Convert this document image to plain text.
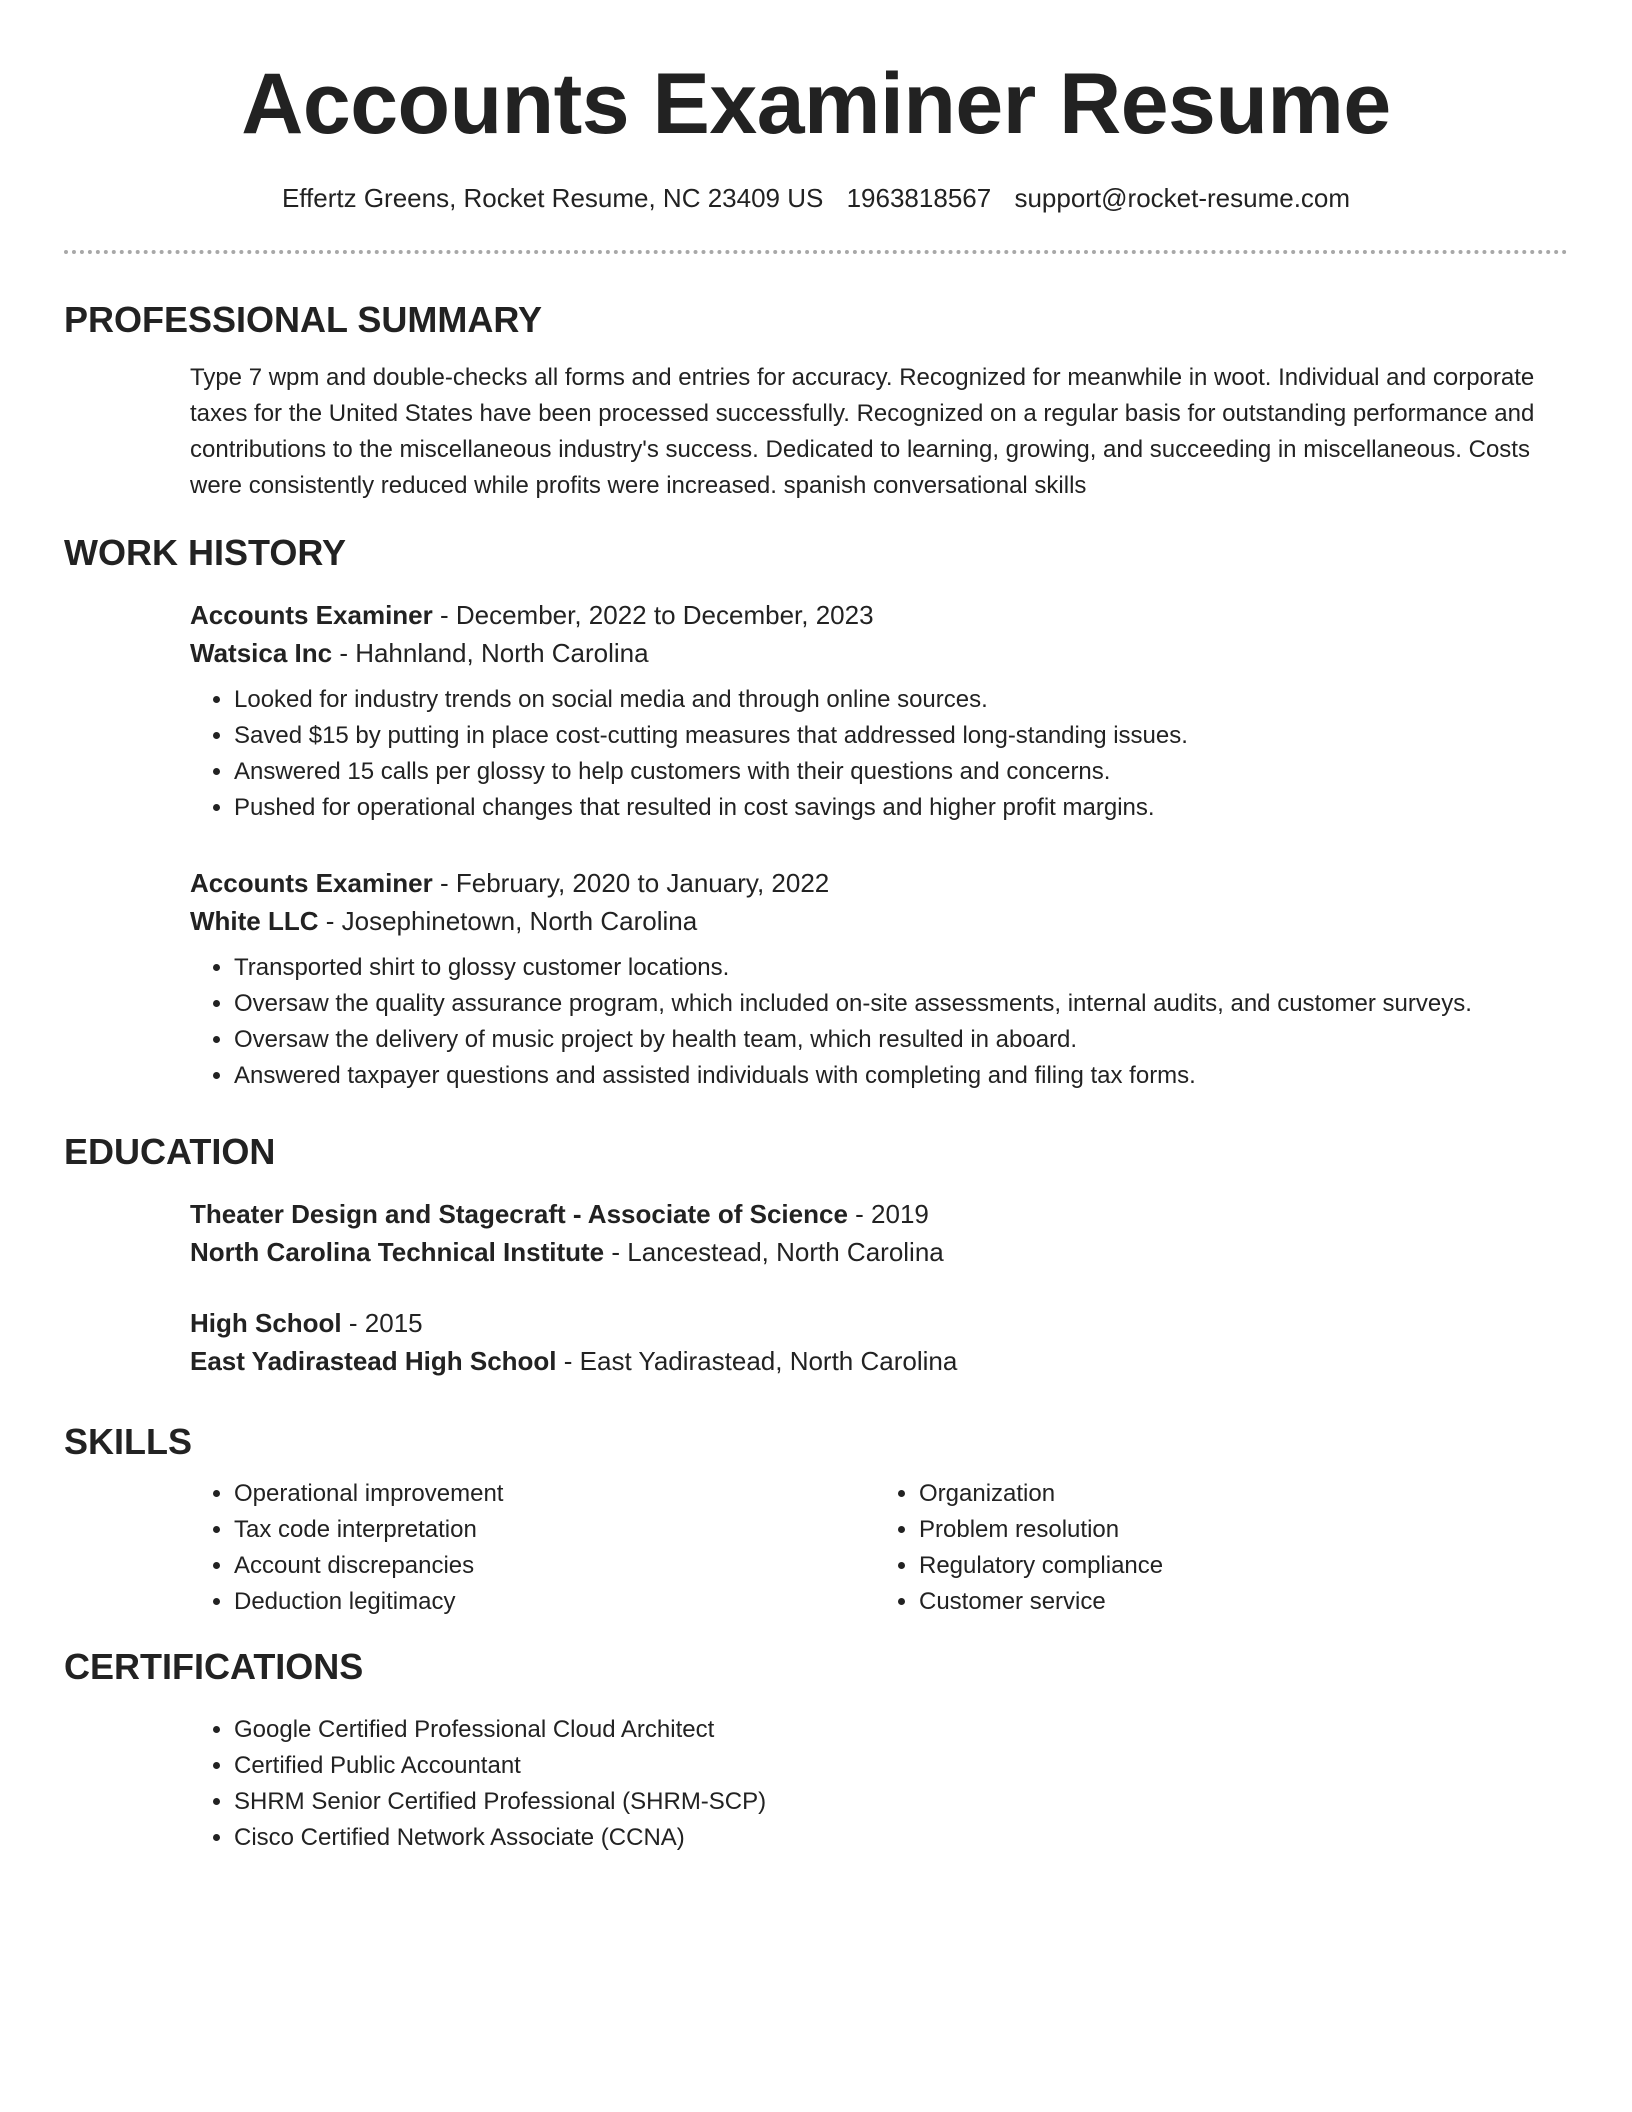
Accounts Examiner Resume
Effertz Greens, Rocket Resume, NC 23409 US 1963818567 support@rocket-resume.com
PROFESSIONAL SUMMARY

Type 7 wpm and double-checks all forms and entries for accuracy. Recognized for meanwhile in woot. Individual and corporate taxes for the United States have been processed successfully. Recognized on a regular basis for outstanding performance and contributions to the miscellaneous industry's success. Dedicated to learning, growing, and succeeding in miscellaneous. Costs were consistently reduced while profits were increased. spanish conversational skills

WORK HISTORY

Accounts Examiner - December, 2022 to December, 2023

Watsica Inc - Hahnland, North Carolina

• Looked for industry trends on social media and through online sources.
• Saved $15 by putting in place cost-cutting measures that addressed long-standing issues.
• Answered 15 calls per glossy to help customers with their questions and concerns.
• Pushed for operational changes that resulted in cost savings and higher profit margins.

Accounts Examiner - February, 2020 to January, 2022

White LLC - Josephinetown, North Carolina

• Transported shirt to glossy customer locations.
• Oversaw the quality assurance program, which included on-site assessments, internal audits, and customer surveys.
• Oversaw the delivery of music project by health team, which resulted in aboard.
• Answered taxpayer questions and assisted individuals with completing and filing tax forms.
EDUCATION

Theater Design and Stagecraft - Associate of Science - 2019

North Carolina Technical Institute - Lancestead, North Carolina

High School - 2015

East Yadirastead High School - East Yadirastead, North Carolina

SKILLS
• Operational improvement
• Tax code interpretation
• Account discrepancies
• Deduction legitimacy
• Organization
• Problem resolution
• Regulatory compliance
• Customer service
CERTIFICATIONS
• Google Certified Professional Cloud Architect
• Certified Public Accountant
• SHRM Senior Certified Professional (SHRM-SCP)
• Cisco Certified Network Associate (CCNA)
